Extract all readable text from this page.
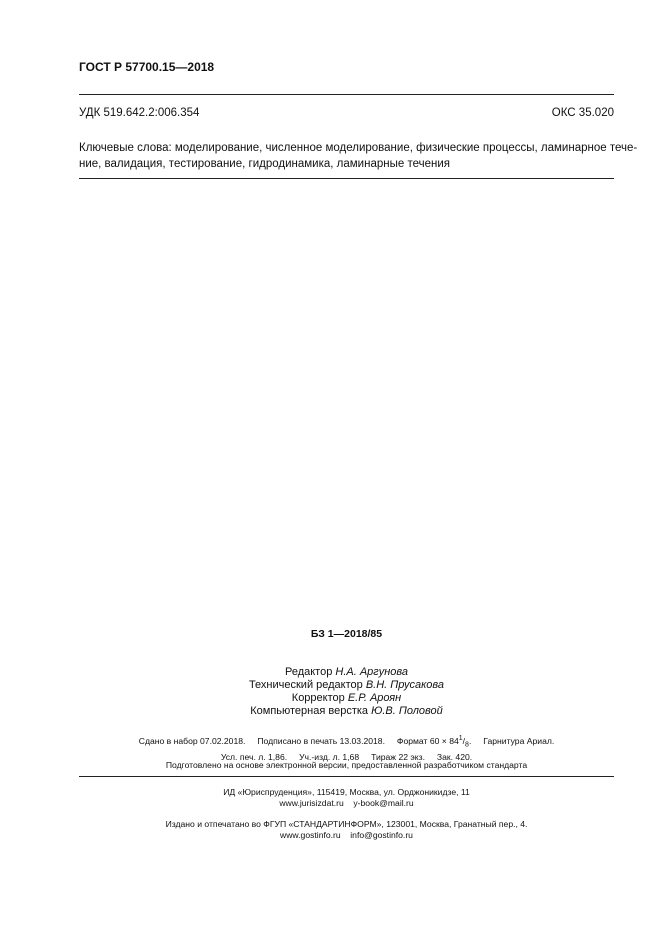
ГОСТ Р 57700.15—2018
УДК 519.642.2:006.354	ОКС 35.020
Ключевые слова: моделирование, численное моделирование, физические процессы, ламинарное тече-
ние, валидация, тестирование, гидродинамика, ламинарные течения
БЗ 1—2018/85
Редактор Н.А. Аргунова
Технический редактор В.Н. Прусакова
Корректор Е.Р. Ароян
Компьютерная верстка Ю.В. Половой
Сдано в набор 07.02.2018. Подписано в печать 13.03.2018. Формат $60 \times 84^1/_8$. Гарнитура Ариал.
Усл. печ. л. 1,86. Уч.-изд. л. 1,68 Тираж 22 экз. Зак. 420.
Подготовлено на основе электронной версии, предоставленной разработчиком стандарта
ИД «Юриспруденция», 115419, Москва, ул. Орджоникидзе, 11
www.jurisizdat.ru y-book@mail.ru
Издано и отпечатано во ФГУП «СТАНДАРТИНФОРМ», 123001, Москва, Гранатный пер., 4.
www.gostinfo.ru info@gostinfo.ru
